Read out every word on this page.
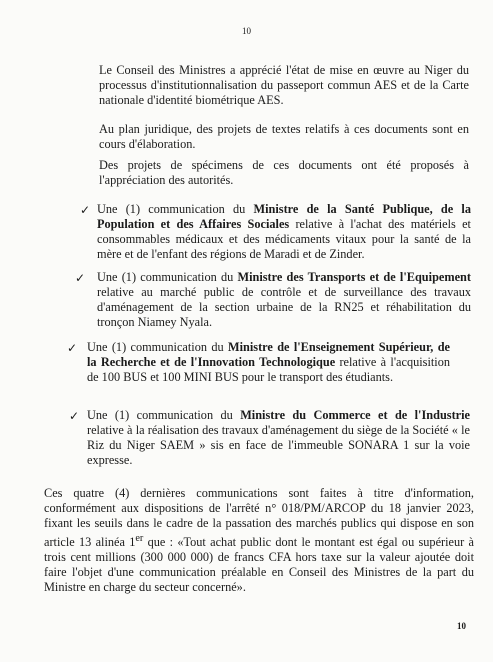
10

Le Conseil des Ministres a apprécié l'état de mise en œuvre au Niger du processus d'institutionnalisation du passeport commun AES et de la Carte nationale d'identité biométrique AES.

Au plan juridique, des projets de textes relatifs à ces documents sont en cours d'élaboration.

Des projets de spécimens de ces documents ont été proposés à l'appréciation des autorités.

✓ Une (1) communication du Ministre de la Santé Publique, de la Population et des Affaires Sociales relative à l'achat des matériels et consommables médicaux et des médicaments vitaux pour la santé de la mère et de l'enfant des régions de Maradi et de Zinder.

✓ Une (1) communication du Ministre des Transports et de l'Equipement relative au marché public de contrôle et de surveillance des travaux d'aménagement de la section urbaine de la RN25 et réhabilitation du tronçon Niamey Nyala.

✓ Une (1) communication du Ministre de l'Enseignement Supérieur, de la Recherche et de l'Innovation Technologique relative à l'acquisition de 100 BUS et 100 MINI BUS pour le transport des étudiants.

✓ Une (1) communication du Ministre du Commerce et de l'Industrie relative à la réalisation des travaux d'aménagement du siège de la Société « le Riz du Niger SAEM » sis en face de l'immeuble SONARA 1 sur la voie expresse.

Ces quatre (4) dernières communications sont faites à titre d'information, conformément aux dispositions de l'arrêté n° 018/PM/ARCOP du 18 janvier 2023, fixant les seuils dans le cadre de la passation des marchés publics qui dispose en son article 13 alinéa 1er que : «Tout achat public dont le montant est égal ou supérieur à trois cent millions (300 000 000) de francs CFA hors taxe sur la valeur ajoutée doit faire l'objet d'une communication préalable en Conseil des Ministres de la part du Ministre en charge du secteur concerné».

10
